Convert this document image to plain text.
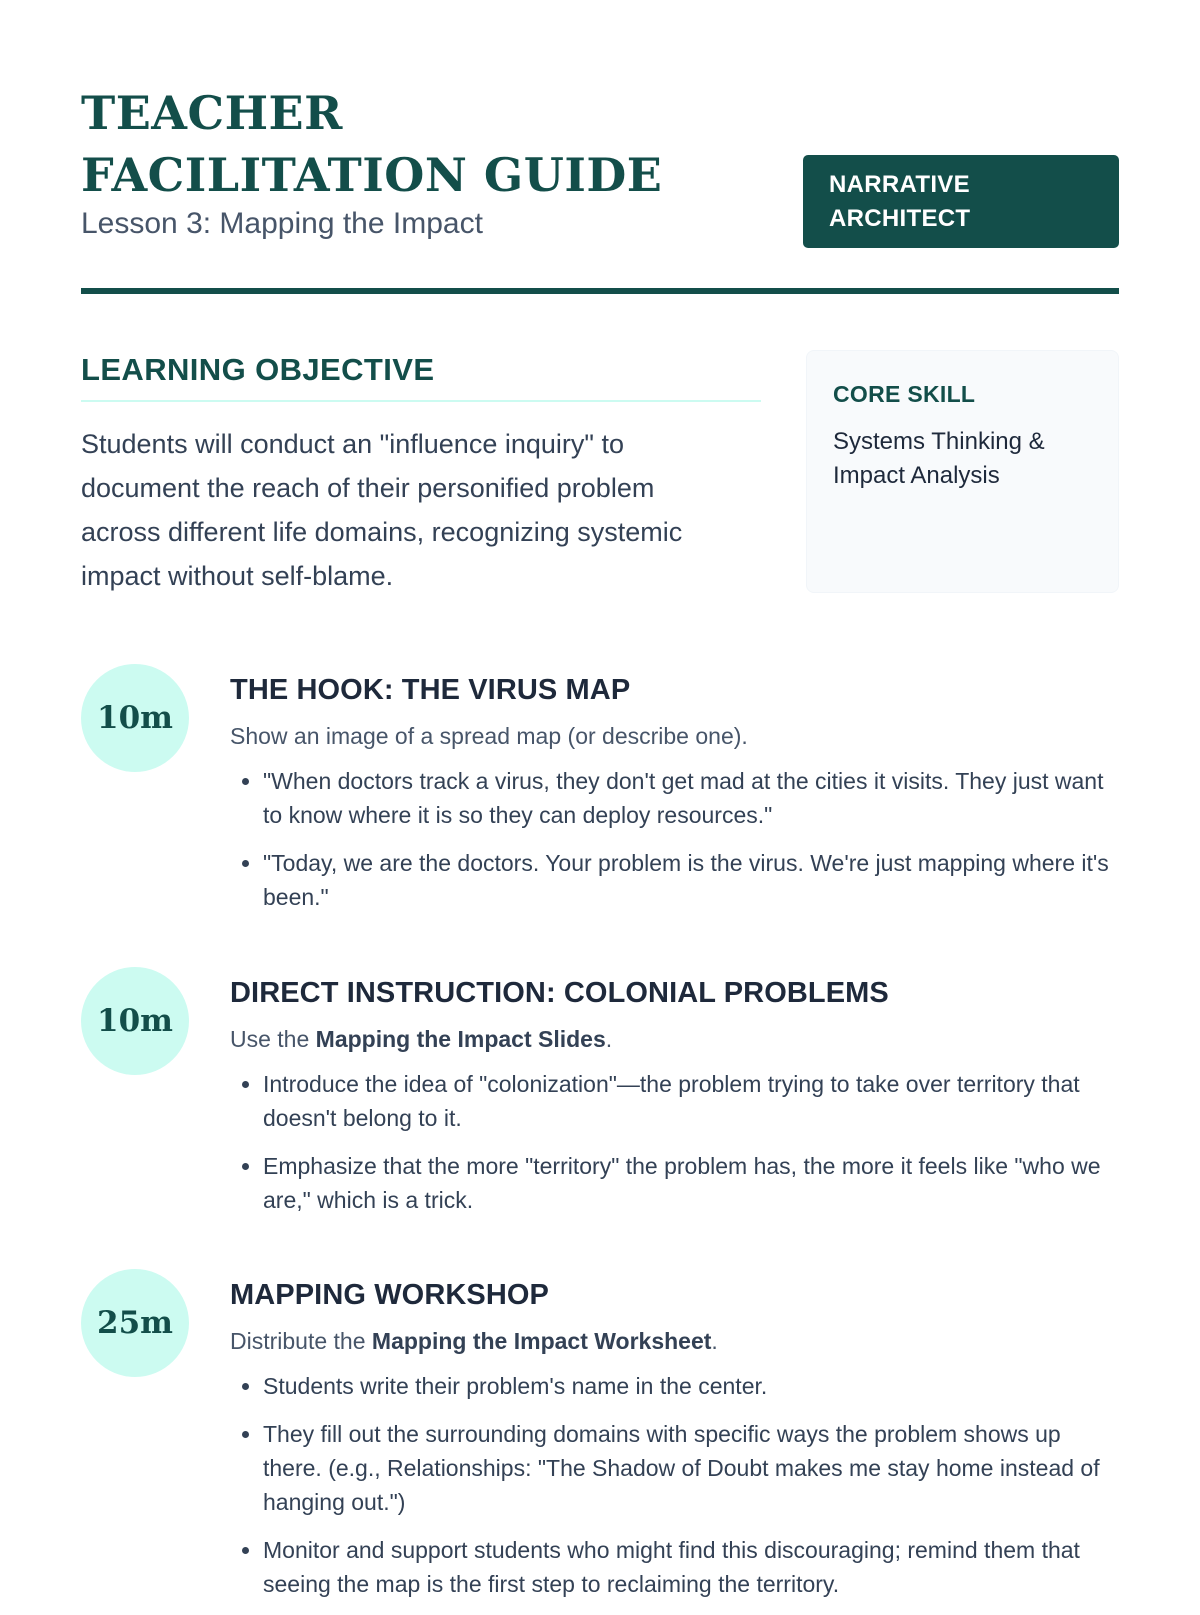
TEACHER FACILITATION GUIDE

Lesson 3: Mapping the Impact

NARRATIVE ARCHITECT
LEARNING OBJECTIVE

Students will conduct an "influence inquiry" to document the reach of their personified problem across different life domains, recognizing systemic impact without self-blame.

CORE SKILL

Systems Thinking & Impact Analysis

10m
THE HOOK: THE VIRUS MAP

Show an image of a spread map (or describe one).

• "When doctors track a virus, they don't get mad at the cities it visits. They just want to know where it is so they can deploy resources."
• "Today, we are the doctors. Your problem is the virus. We're just mapping where it's been."
10m
DIRECT INSTRUCTION: COLONIAL PROBLEMS

Use the Mapping the Impact Slides.

• Introduce the idea of "colonization"—the problem trying to take over territory that doesn't belong to it.
• Emphasize that the more "territory" the problem has, the more it feels like "who we are," which is a trick.
25m
MAPPING WORKSHOP

Distribute the Mapping the Impact Worksheet.

• Students write their problem's name in the center.
• They fill out the surrounding domains with specific ways the problem shows up there. (e.g., Relationships: "The Shadow of Doubt makes me stay home instead of hanging out.")
• Monitor and support students who might find this discouraging; remind them that seeing the map is the first step to reclaiming the territory.
